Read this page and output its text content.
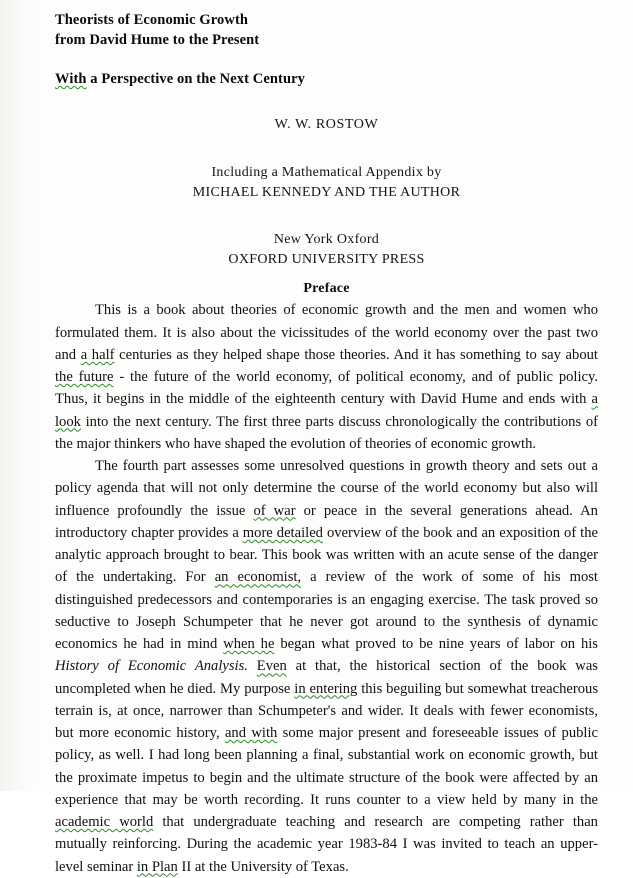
Theorists of Economic Growth
from David Hume to the Present
With a Perspective on the Next Century
W. W. ROSTOW
Including a Mathematical Appendix by
MICHAEL KENNEDY AND THE AUTHOR
New York Oxford
OXFORD UNIVERSITY PRESS
Preface

This is a book about theories of economic growth and the men and women who formulated them. It is also about the vicissitudes of the world economy over the past two and a half centuries as they helped shape those theories. And it has something to say about the future - the future of the world economy, of political economy, and of public policy. Thus, it begins in the middle of the eighteenth century with David Hume and ends with a look into the next century. The first three parts discuss chronologically the contributions of the major thinkers who have shaped the evolution of theories of economic growth.

The fourth part assesses some unresolved questions in growth theory and sets out a policy agenda that will not only determine the course of the world economy but also will influence profoundly the issue of war or peace in the several generations ahead. An introductory chapter provides a more detailed overview of the book and an exposition of the analytic approach brought to bear. This book was written with an acute sense of the danger of the undertaking. For an economist, a review of the work of some of his most distinguished predecessors and contemporaries is an engaging exercise. The task proved so seductive to Joseph Schumpeter that he never got around to the synthesis of dynamic economics he had in mind when he began what proved to be nine years of labor on his History of Economic Analysis. Even at that, the historical section of the book was uncompleted when he died. My purpose in entering this beguiling but somewhat treacherous terrain is, at once, narrower than Schumpeter's and wider. It deals with fewer economists, but more economic history, and with some major present and foreseeable issues of public policy, as well. I had long been planning a final, substantial work on economic growth, but the proximate impetus to begin and the ultimate structure of the book were affected by an experience that may be worth recording. It runs counter to a view held by many in the academic world that undergraduate teaching and research are competing rather than mutually reinforcing. During the academic year 1983-84 I was invited to teach an upper-level seminar in Plan II at the University of Texas.
